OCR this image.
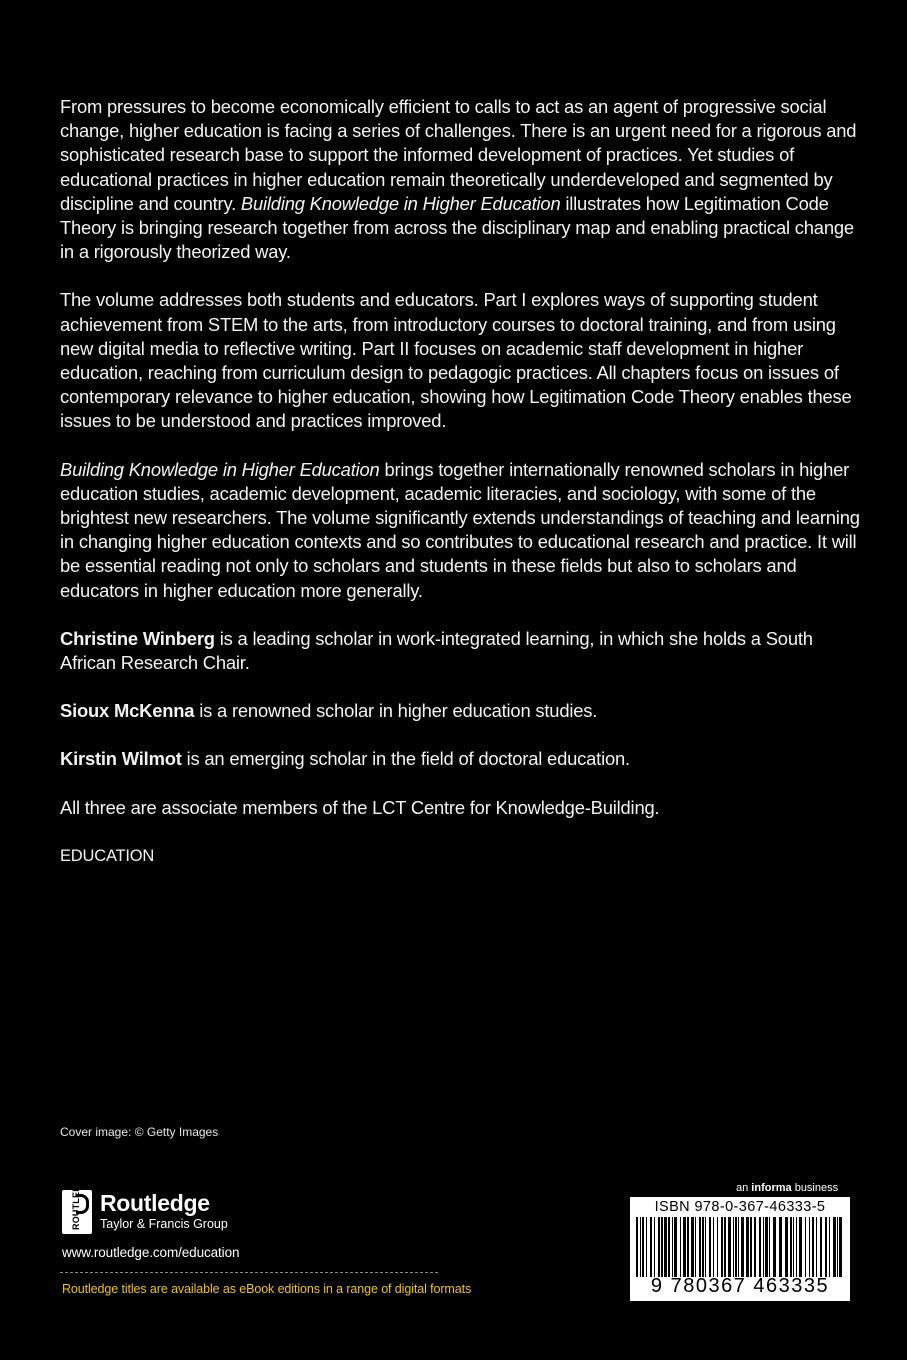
From pressures to become economically efficient to calls to act as an agent of progressive social change, higher education is facing a series of challenges. There is an urgent need for a rigorous and sophisticated research base to support the informed development of practices. Yet studies of educational practices in higher education remain theoretically underdeveloped and segmented by discipline and country. Building Knowledge in Higher Education illustrates how Legitimation Code Theory is bringing research together from across the disciplinary map and enabling practical change in a rigorously theorized way.

The volume addresses both students and educators. Part I explores ways of supporting student achievement from STEM to the arts, from introductory courses to doctoral training, and from using new digital media to reflective writing. Part II focuses on academic staff development in higher education, reaching from curriculum design to pedagogic practices. All chapters focus on issues of contemporary relevance to higher education, showing how Legitimation Code Theory enables these issues to be understood and practices improved.

Building Knowledge in Higher Education brings together internationally renowned scholars in higher education studies, academic development, academic literacies, and sociology, with some of the brightest new researchers. The volume significantly extends understandings of teaching and learning in changing higher education contexts and so contributes to educational research and practice. It will be essential reading not only to scholars and students in these fields but also to scholars and educators in higher education more generally.

Christine Winberg is a leading scholar in work-integrated learning, in which she holds a South African Research Chair.

Sioux McKenna is a renowned scholar in higher education studies.

Kirstin Wilmot is an emerging scholar in the field of doctoral education.

All three are associate members of the LCT Centre for Knowledge-Building.

EDUCATION

Cover image: © Getty Images
ROUTLEDGE Routledge
Taylor & Francis Group
www.routledge.com/education
Routledge titles are available as eBook editions in a range of digital formats
an informa business
ISBN 978-0-367-46333-5
9 780367 463335
